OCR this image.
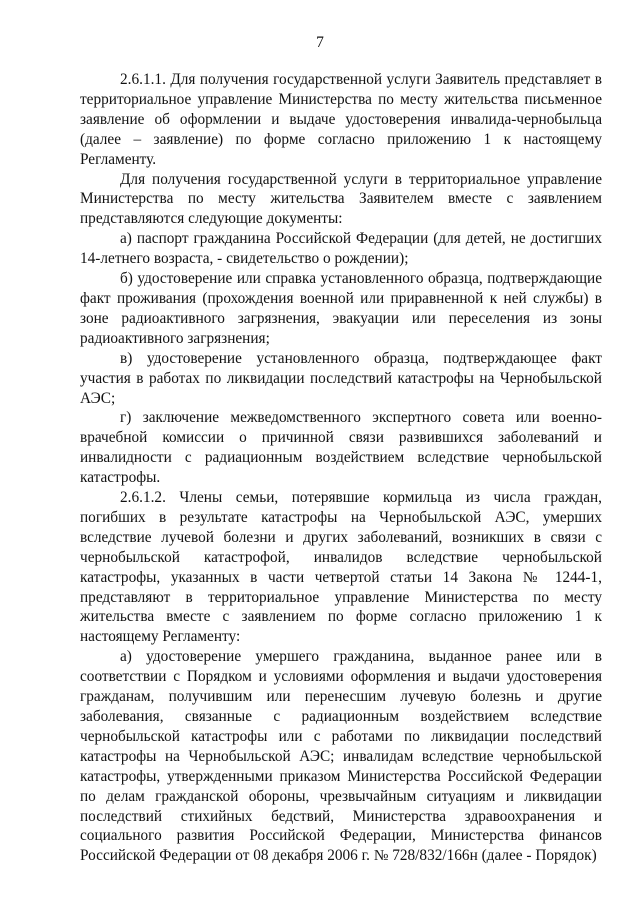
7

2.6.1.1. Для получения государственной услуги Заявитель представляет в территориальное управление Министерства по месту жительства письменное заявление об оформлении и выдаче удостоверения инвалида-чернобыльца (далее – заявление) по форме согласно приложению 1 к настоящему Регламенту.

Для получения государственной услуги в территориальное управление Министерства по месту жительства Заявителем вместе с заявлением представляются следующие документы:

а) паспорт гражданина Российской Федерации (для детей, не достигших 14-летнего возраста, - свидетельство о рождении);

б) удостоверение или справка установленного образца, подтверждающие факт проживания (прохождения военной или приравненной к ней службы) в зоне радиоактивного загрязнения, эвакуации или переселения из зоны радиоактивного загрязнения;

в) удостоверение установленного образца, подтверждающее факт участия в работах по ликвидации последствий катастрофы на Чернобыльской АЭС;

г) заключение межведомственного экспертного совета или военно-врачебной комиссии о причинной связи развившихся заболеваний и инвалидности с радиационным воздействием вследствие чернобыльской катастрофы.

2.6.1.2. Члены семьи, потерявшие кормильца из числа граждан, погибших в результате катастрофы на Чернобыльской АЭС, умерших вследствие лучевой болезни и других заболеваний, возникших в связи с чернобыльской катастрофой, инвалидов вследствие чернобыльской катастрофы, указанных в части четвертой статьи 14 Закона № 1244-1, представляют в территориальное управление Министерства по месту жительства вместе с заявлением по форме согласно приложению 1 к настоящему Регламенту:

а) удостоверение умершего гражданина, выданное ранее или в соответствии с Порядком и условиями оформления и выдачи удостоверения гражданам, получившим или перенесшим лучевую болезнь и другие заболевания, связанные с радиационным воздействием вследствие чернобыльской катастрофы или с работами по ликвидации последствий катастрофы на Чернобыльской АЭС; инвалидам вследствие чернобыльской катастрофы, утвержденными приказом Министерства Российской Федерации по делам гражданской обороны, чрезвычайным ситуациям и ликвидации последствий стихийных бедствий, Министерства здравоохранения и социального развития Российской Федерации, Министерства финансов Российской Федерации от 08 декабря 2006 г. № 728/832/166н (далее - Порядок)
